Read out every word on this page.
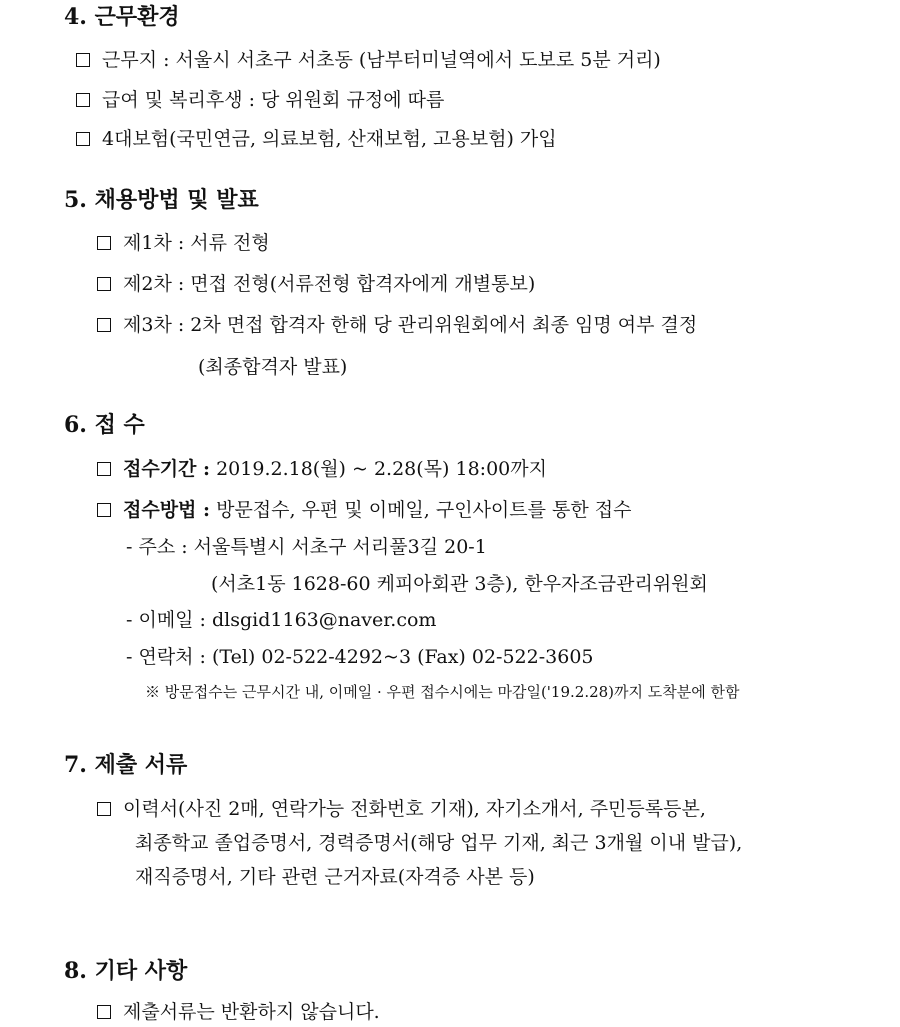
4. 근무환경
근무지 : 서울시 서초구 서초동 (남부터미널역에서 도보로 5분 거리)
급여 및 복리후생 : 당 위원회 규정에 따름
4대보험(국민연금, 의료보험, 산재보험, 고용보험) 가입
5. 채용방법 및 발표
제1차 : 서류 전형
제2차 : 면접 전형(서류전형 합격자에게 개별통보)
제3차 : 2차 면접 합격자 한해 당 관리위원회에서 최종 임명 여부 결정
(최종합격자 발표)
6. 접 수
접수기간 : 2019.2.18(월) ~ 2.28(목) 18:00까지
접수방법 : 방문접수, 우편 및 이메일, 구인사이트를 통한 접수
- 주소 : 서울특별시 서초구 서리풀3길 20-1
(서초1동 1628-60 케피아회관 3층), 한우자조금관리위원회
- 이메일 : dlsgid1163@naver.com
- 연락처 : (Tel) 02-522-4292~3 (Fax) 02-522-3605
※ 방문접수는 근무시간 내, 이메일 · 우편 접수시에는 마감일('19.2.28)까지 도착분에 한함
7. 제출 서류
이력서(사진 2매, 연락가능 전화번호 기재), 자기소개서, 주민등록등본,
최종학교 졸업증명서, 경력증명서(해당 업무 기재, 최근 3개월 이내 발급),
재직증명서, 기타 관련 근거자료(자격증 사본 등)
8. 기타 사항
제출서류는 반환하지 않습니다.
